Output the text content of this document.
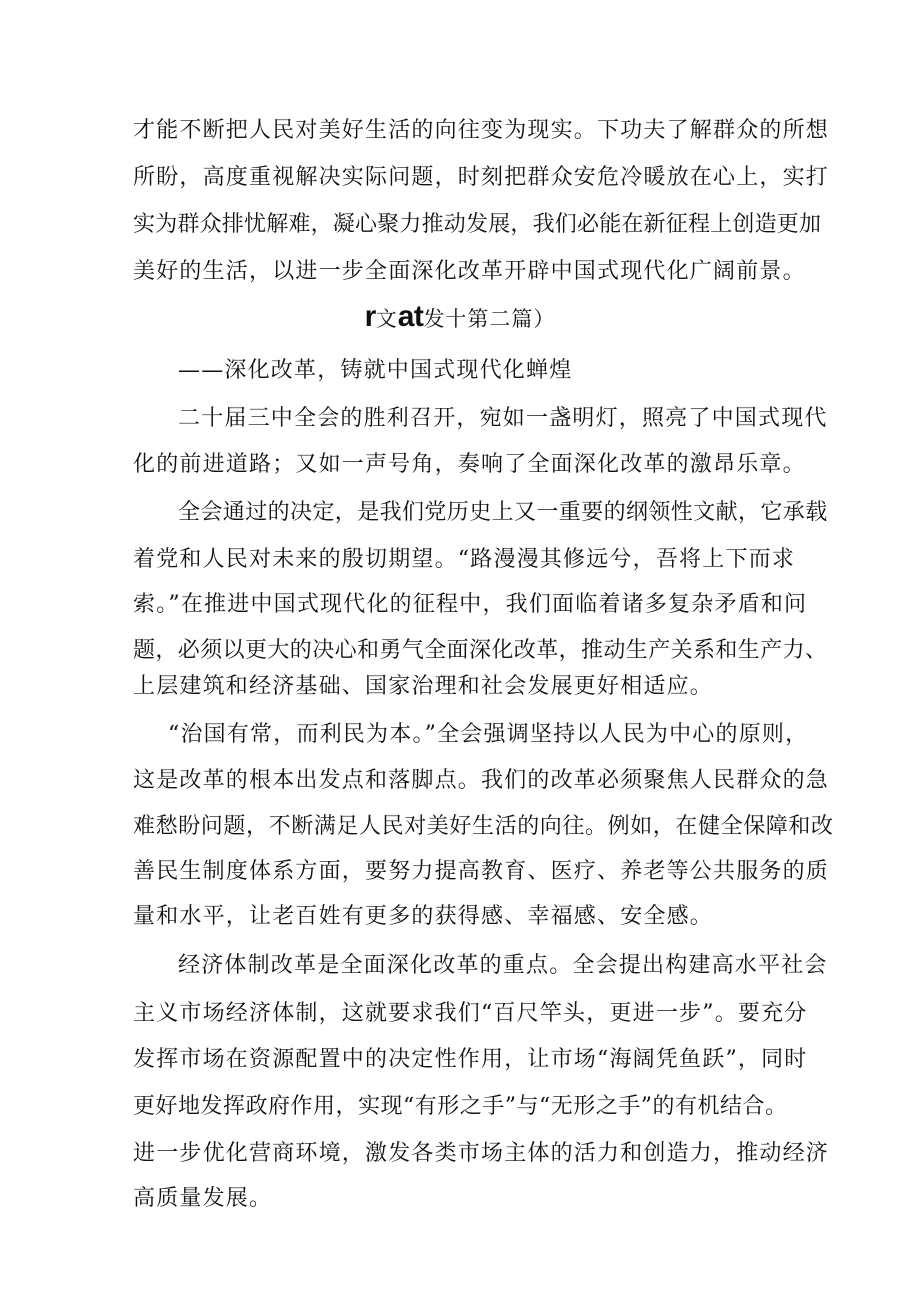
才能不断把人民对美好生活的向往变为现实。下功夫了解群众的所想
所盼，高度重视解决实际问题，时刻把群众安危冷暖放在心上，实打
实为群众排忧解难，凝心聚力推动发展，我们必能在新征程上创造更加
美好的生活，以进一步全面深化改革开辟中国式现代化广阔前景。
r文at发十第二篇）
——深化改革，铸就中国式现代化蝉煌
二十届三中全会的胜利召开，宛如一盏明灯，照亮了中国式现代
化的前进道路；又如一声号角，奏响了全面深化改革的激昂乐章。
全会通过的决定，是我们党历史上又一重要的纲领性文献，它承载
着党和人民对未来的殷切期望。“路漫漫其修远兮，吾将上下而求
索。”在推进中国式现代化的征程中，我们面临着诸多复杂矛盾和问
题，必须以更大的决心和勇气全面深化改革，推动生产关系和生产力、
上层建筑和经济基础、国家治理和社会发展更好相适应。
“治国有常，而利民为本。”全会强调坚持以人民为中心的原则，
这是改革的根本出发点和落脚点。我们的改革必须聚焦人民群众的急
难愁盼问题，不断满足人民对美好生活的向往。例如，在健全保障和改
善民生制度体系方面，要努力提高教育、医疗、养老等公共服务的质
量和水平，让老百姓有更多的获得感、幸福感、安全感。
经济体制改革是全面深化改革的重点。全会提出构建高水平社会
主义市场经济体制，这就要求我们“百尺竿头，更进一步”。要充分
发挥市场在资源配置中的决定性作用，让市场“海阔凭鱼跃”，同时
更好地发挥政府作用，实现“有形之手”与“无形之手”的有机结合。
进一步优化营商环境，激发各类市场主体的活力和创造力，推动经济
高质量发展。
